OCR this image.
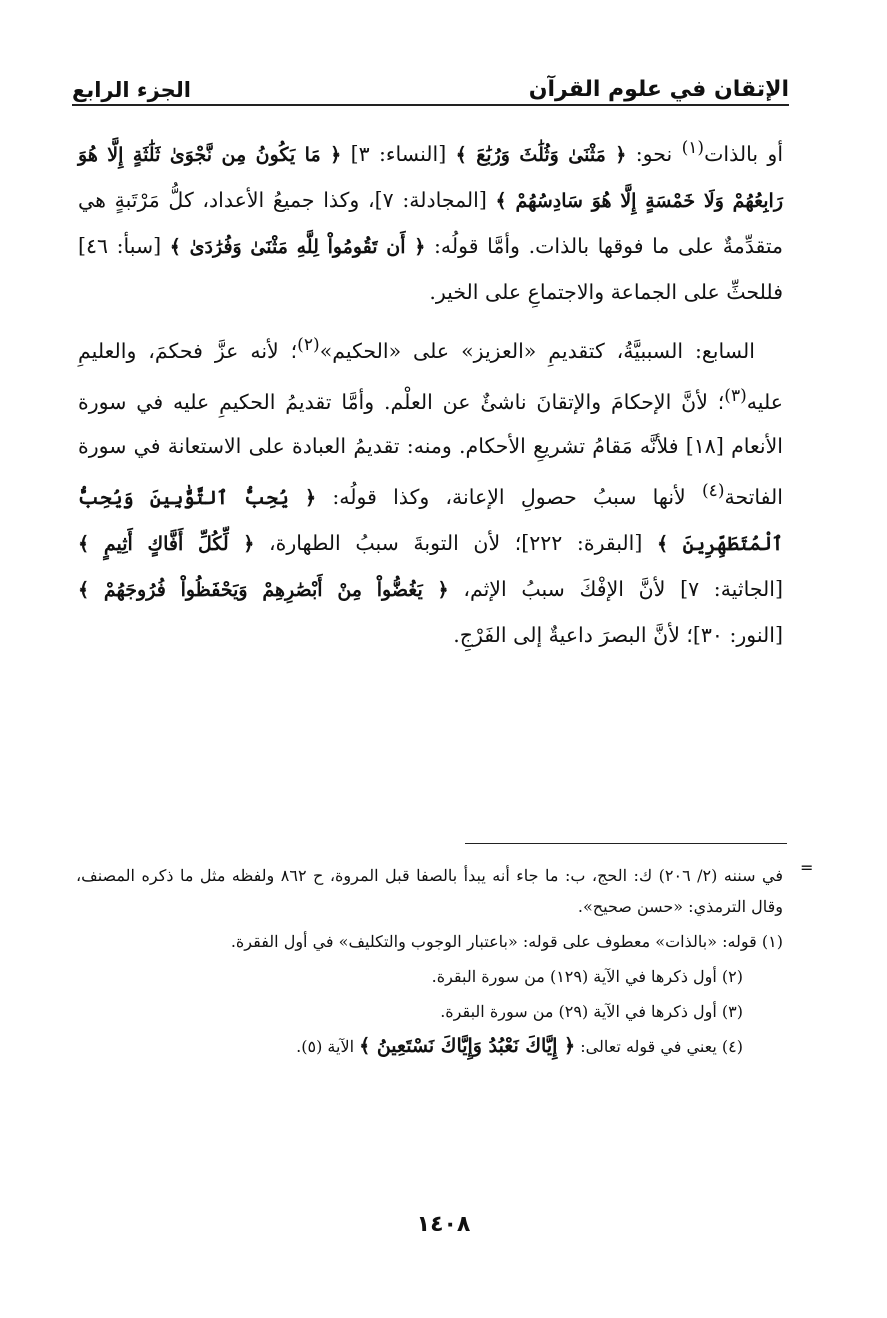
الإتقان في علوم القرآن
الجزء الرابع

أو بالذات$^{(١)}$ نحو: ﴿ مَثْنَىٰ وَثُلَٰثَ وَرُبَٰعَ ﴾ [النساء: ٣] ﴿ مَا يَكُونُ مِن نَّجْوَىٰ ثَلَٰثَةٍ إِلَّا هُوَ رَابِعُهُمْ وَلَا خَمْسَةٍ إِلَّا هُوَ سَادِسُهُمْ ﴾ [المجادلة: ٧]، وكذا جميعُ الأعداد، كلُّ مَرْتَبةٍ هي متقدِّمةٌ على ما فوقها بالذات. وأمَّا قولُه: ﴿ أَن تَقُومُواْ لِلَّهِ مَثْنَىٰ وَفُرَٰدَىٰ ﴾ [سبأ: ٤٦] فللحثِّ على الجماعة والاجتماعِ على الخير.

السابع: السببيَّةُ، كتقديمِ «العزيز» على «الحكيم»$^{(٢)}$؛ لأنه عزَّ فحكمَ، والعليمِ عليه$^{(٣)}$؛ لأنَّ الإحكامَ والإتقانَ ناشئٌ عن العلْم. وأمَّا تقديمُ الحكيمِ عليه في سورة الأنعام [١٨] فلأنَّه مَقامُ تشريعِ الأحكام. ومنه: تقديمُ العبادة على الاستعانة في سورة الفاتحة$^{(٤)}$ لأنها سببُ حصولِ الإعانة، وكذا قولُه: ﴿ يُحِبُّ ٱلتَّوَّٰبِينَ وَيُحِبُّ ٱلْمُتَطَهِّرِينَ ﴾ [البقرة: ٢٢٢]؛ لأن التوبةَ سببُ الطهارة، ﴿ لِّكُلِّ أَفَّاكٍ أَثِيمٍ ﴾ [الجاثية: ٧] لأنَّ الإفْكَ سببُ الإثم، ﴿ يَغُضُّواْ مِنْ أَبْصَٰرِهِمْ وَيَحْفَظُواْ فُرُوجَهُمْ ﴾ [النور: ٣٠]؛ لأنَّ البصرَ داعيةٌ إلى الفَرْجِ.

=

في سننه (٢/ ٢٠٦) ك: الحج، ب: ما جاء أنه يبدأ بالصفا قبل المروة، ح ٨٦٢ ولفظه مثل ما ذكره المصنف، وقال الترمذي: «حسن صحيح».

(١) قوله: «بالذات» معطوف على قوله: «باعتبار الوجوب والتكليف» في أول الفقرة.

(٢) أول ذكرها في الآية (١٢٩) من سورة البقرة.

(٣) أول ذكرها في الآية (٢٩) من سورة البقرة.

(٤) يعني في قوله تعالى: ﴿ إِيَّاكَ نَعْبُدُ وَإِيَّاكَ نَسْتَعِينُ ﴾ الآية (٥).

١٤٠٨
